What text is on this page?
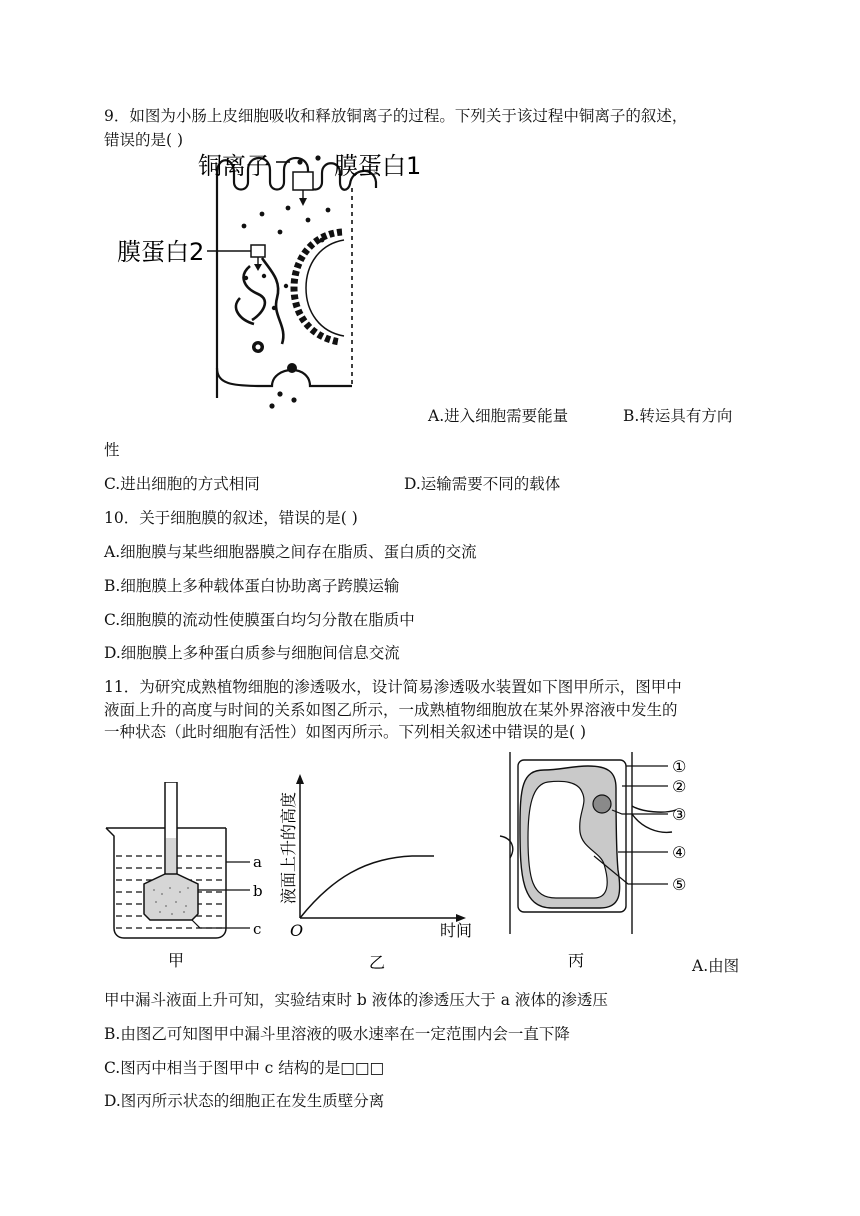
9．如图为小肠上皮细胞吸收和释放铜离子的过程。下列关于该过程中铜离子的叙述，
错误的是( )
铜离子	膜蛋白1
膜蛋白2
A.进入细胞需要能量	B.转运具有方向
性
C.进出细胞的方式相同	D.运输需要不同的载体
10．关于细胞膜的叙述，错误的是( )
A.细胞膜与某些细胞器膜之间存在脂质、蛋白质的交流
B.细胞膜上多种载体蛋白协助离子跨膜运输
C.细胞膜的流动性使膜蛋白均匀分散在脂质中
D.细胞膜上多种蛋白质参与细胞间信息交流
11．为研究成熟植物细胞的渗透吸水，设计简易渗透吸水装置如下图甲所示，图甲中
液面上升的高度与时间的关系如图乙所示，一成熟植物细胞放在某外界溶液中发生的
一种状态（此时细胞有活性）如图丙所示。下列相关叙述中错误的是( )
a
b
c
甲
O	时间
液面上升的高度
乙
①
②
③
④
⑤
丙	A.由图
甲中漏斗液面上升可知，实验结束时 b 液体的渗透压大于 a 液体的渗透压
B.由图乙可知图甲中漏斗里溶液的吸水速率在一定范围内会一直下降
C.图丙中相当于图甲中 c 结构的是□□□
D.图丙所示状态的细胞正在发生质壁分离
